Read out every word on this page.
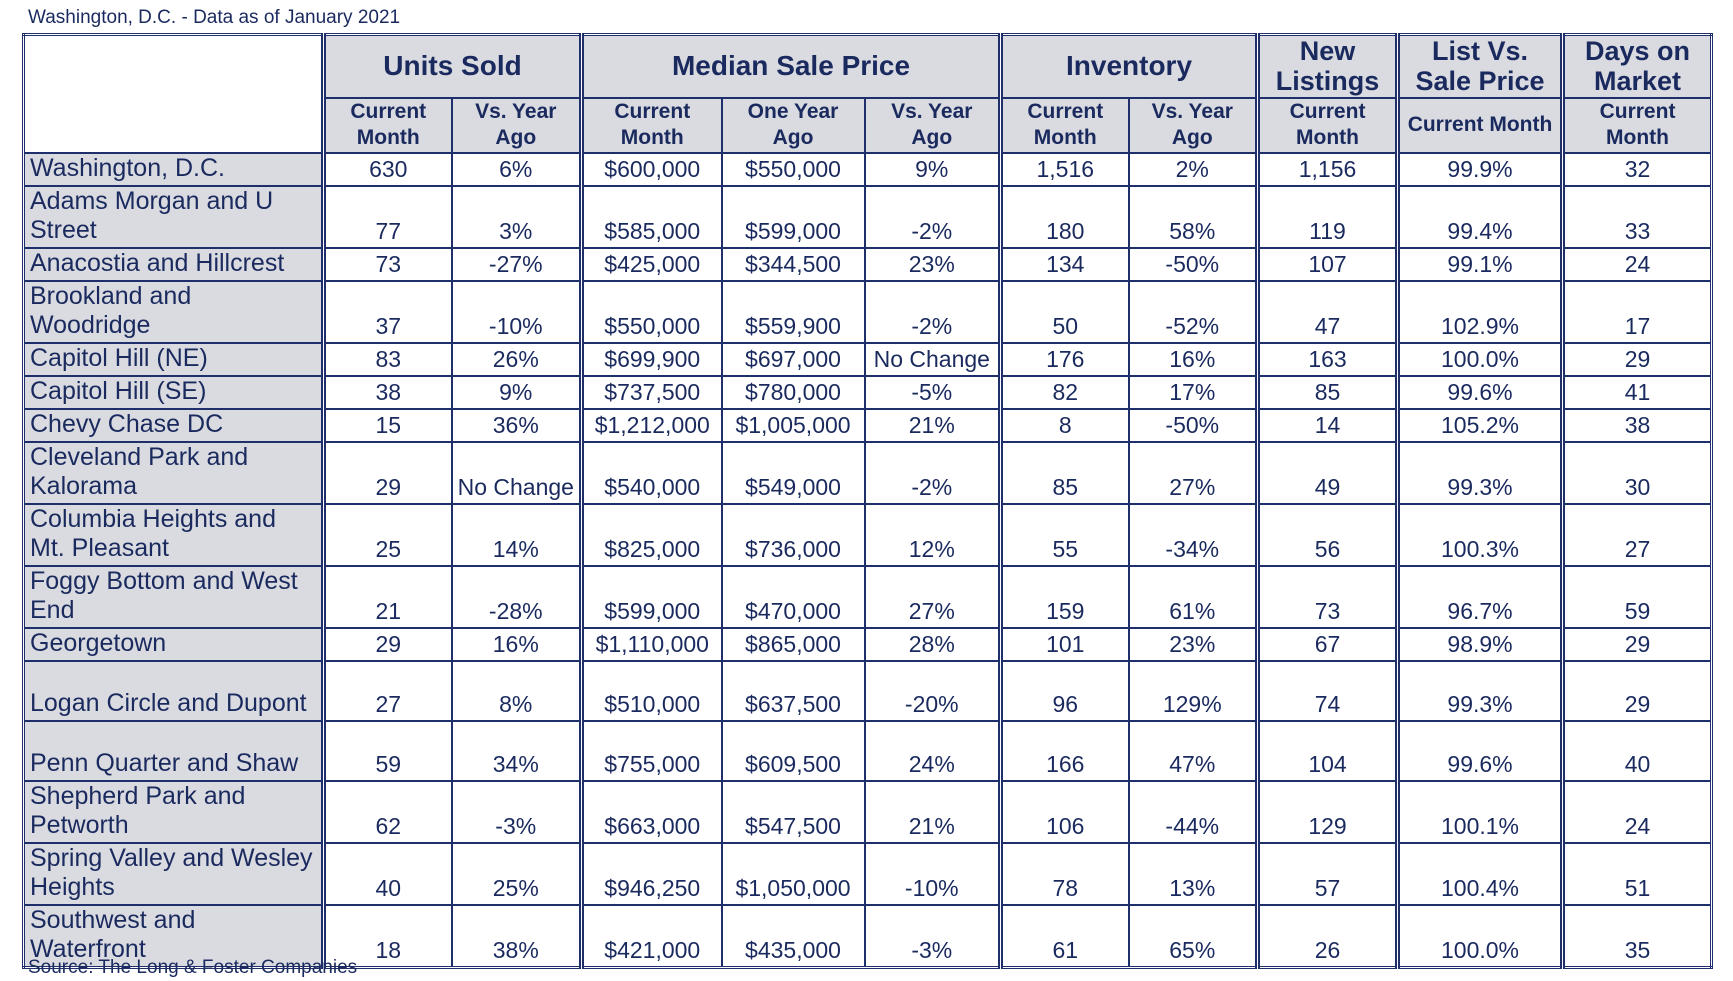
Washington, D.C. - Data as of January 2021
	Units Sold		Median Sale Price			Inventory		New Listings	List Vs. Sale Price	Days on Market
	Current Month	Vs. Year Ago	Current Month	One Year Ago	Vs. Year Ago	Current Month	Vs. Year Ago	Current Month	Current Month	Current Month
Washington, D.C.	630	6%	$600,000	$550,000	9%	1,516	2%	1,156	99.9%	32
Adams Morgan and U Street	77	3%	$585,000	$599,000	-2%	180	58%	119	99.4%	33
Anacostia and Hillcrest	73	-27%	$425,000	$344,500	23%	134	-50%	107	99.1%	24
Brookland and Woodridge	37	-10%	$550,000	$559,900	-2%	50	-52%	47	102.9%	17
Capitol Hill (NE)	83	26%	$699,900	$697,000	No Change	176	16%	163	100.0%	29
Capitol Hill (SE)	38	9%	$737,500	$780,000	-5%	82	17%	85	99.6%	41
Chevy Chase DC	15	36%	$1,212,000	$1,005,000	21%	8	-50%	14	105.2%	38
Cleveland Park and Kalorama	29	No Change	$540,000	$549,000	-2%	85	27%	49	99.3%	30
Columbia Heights and Mt. Pleasant	25	14%	$825,000	$736,000	12%	55	-34%	56	100.3%	27
Foggy Bottom and West End	21	-28%	$599,000	$470,000	27%	159	61%	73	96.7%	59
Georgetown	29	16%	$1,110,000	$865,000	28%	101	23%	67	98.9%	29
Logan Circle and Dupont	27	8%	$510,000	$637,500	-20%	96	129%	74	99.3%	29
Penn Quarter and Shaw	59	34%	$755,000	$609,500	24%	166	47%	104	99.6%	40
Shepherd Park and Petworth	62	-3%	$663,000	$547,500	21%	106	-44%	129	100.1%	24
Spring Valley and Wesley Heights	40	25%	$946,250	$1,050,000	-10%	78	13%	57	100.4%	51
Southwest and Waterfront	18	38%	$421,000	$435,000	-3%	61	65%	26	100.0%	35
Source: The Long & Foster Companies
